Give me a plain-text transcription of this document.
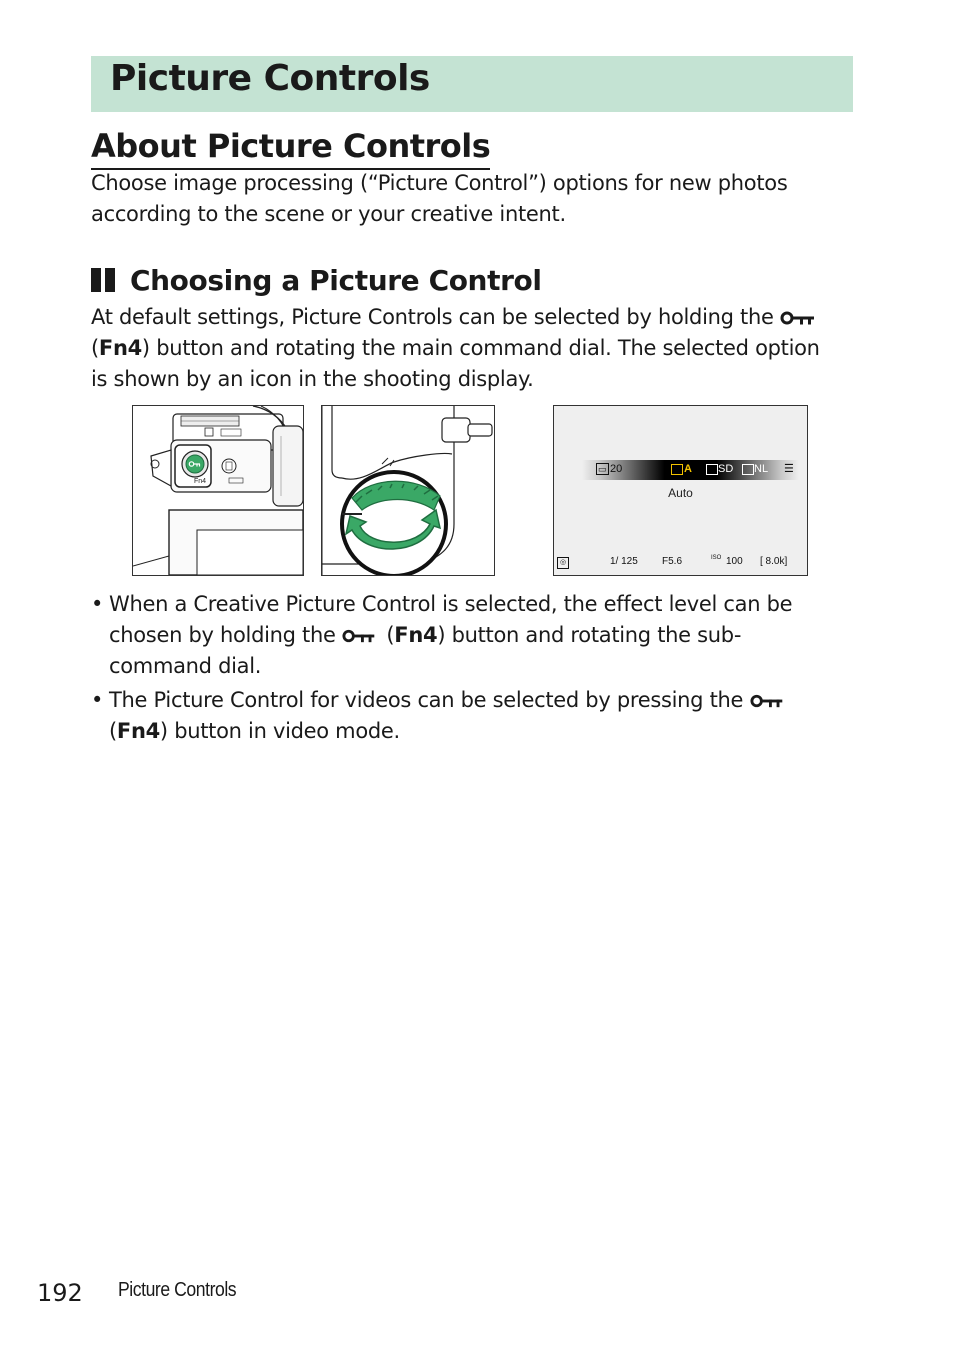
Picture Controls
About Picture Controls

Choose image processing (“Picture Control”) options for new photos according to the scene or your creative intent.

Choosing a Picture Control

At default settings, Picture Controls can be selected by holding the  (Fn4) button and rotating the main command dial. The selected option is shown by an icon in the shooting display.

Fn4
▭ 20	A SD NL ☰
Auto
◎	1/ 125 F5.6	ISO 100 [ 8.0k]
• When a Creative Picture Control is selected, the effect level can be chosen by holding the  (Fn4) button and rotating the sub-command dial.
• The Picture Control for videos can be selected by pressing the  (Fn4) button in video mode.
192 Picture Controls
